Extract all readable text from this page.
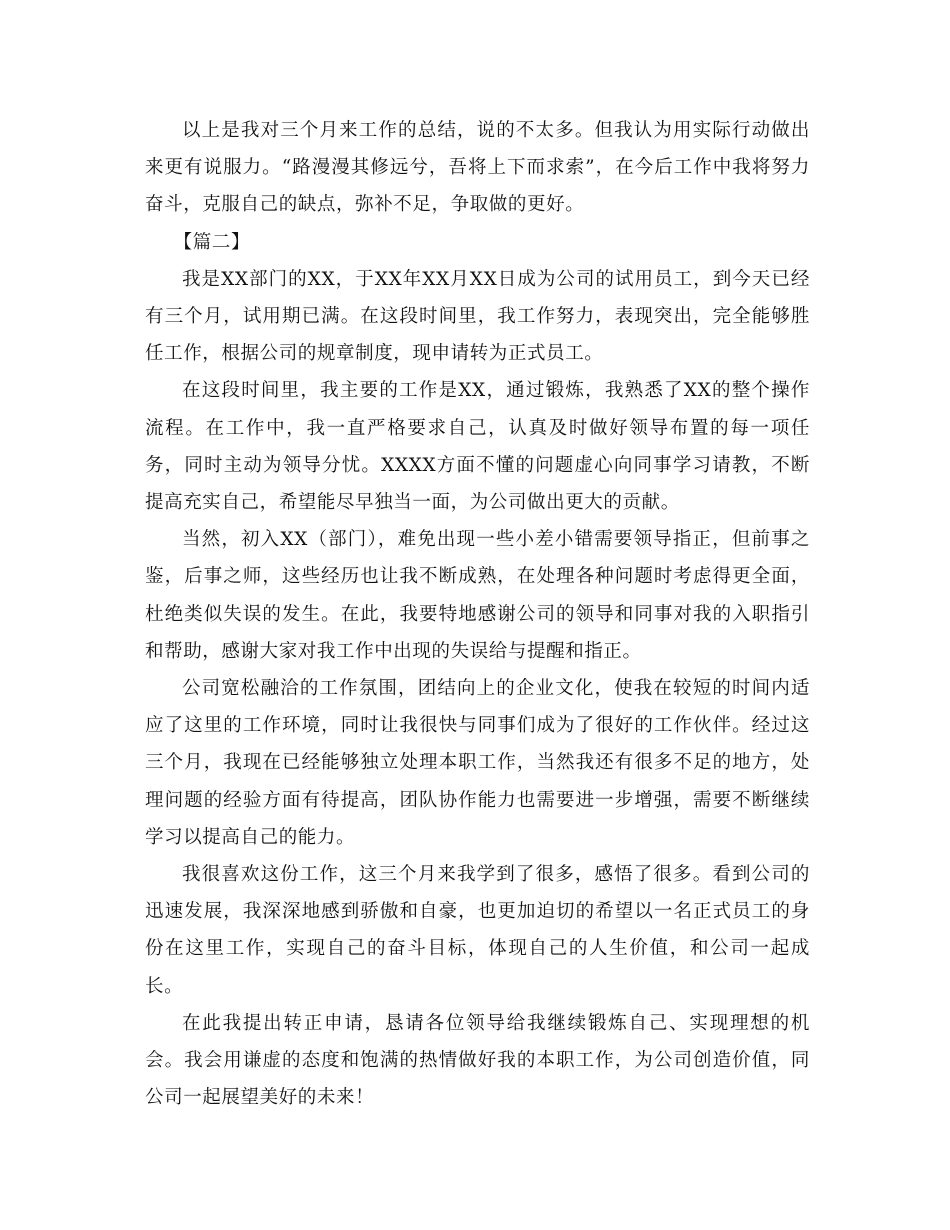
以上是我对三个月来工作的总结，说的不太多。但我认为用实际行动做出来更有说服力。“路漫漫其修远兮，吾将上下而求索”，在今后工作中我将努力奋斗，克服自己的缺点，弥补不足，争取做的更好。

【篇二】

我是XX部门的XX，于XX年XX月XX日成为公司的试用员工，到今天已经有三个月，试用期已满。在这段时间里，我工作努力，表现突出，完全能够胜任工作，根据公司的规章制度，现申请转为正式员工。

在这段时间里，我主要的工作是XX，通过锻炼，我熟悉了XX的整个操作流程。在工作中，我一直严格要求自己，认真及时做好领导布置的每一项任务，同时主动为领导分忧。XXXX方面不懂的问题虚心向同事学习请教，不断提高充实自己，希望能尽早独当一面，为公司做出更大的贡献。

当然，初入XX（部门），难免出现一些小差小错需要领导指正，但前事之鉴，后事之师，这些经历也让我不断成熟，在处理各种问题时考虑得更全面，杜绝类似失误的发生。在此，我要特地感谢公司的领导和同事对我的入职指引和帮助，感谢大家对我工作中出现的失误给与提醒和指正。

公司宽松融洽的工作氛围，团结向上的企业文化，使我在较短的时间内适应了这里的工作环境，同时让我很快与同事们成为了很好的工作伙伴。经过这三个月，我现在已经能够独立处理本职工作，当然我还有很多不足的地方，处理问题的经验方面有待提高，团队协作能力也需要进一步增强，需要不断继续学习以提高自己的能力。

我很喜欢这份工作，这三个月来我学到了很多，感悟了很多。看到公司的迅速发展，我深深地感到骄傲和自豪，也更加迫切的希望以一名正式员工的身份在这里工作，实现自己的奋斗目标，体现自己的人生价值，和公司一起成长。

在此我提出转正申请，恳请各位领导给我继续锻炼自己、实现理想的机会。我会用谦虚的态度和饱满的热情做好我的本职工作，为公司创造价值，同公司一起展望美好的未来！
